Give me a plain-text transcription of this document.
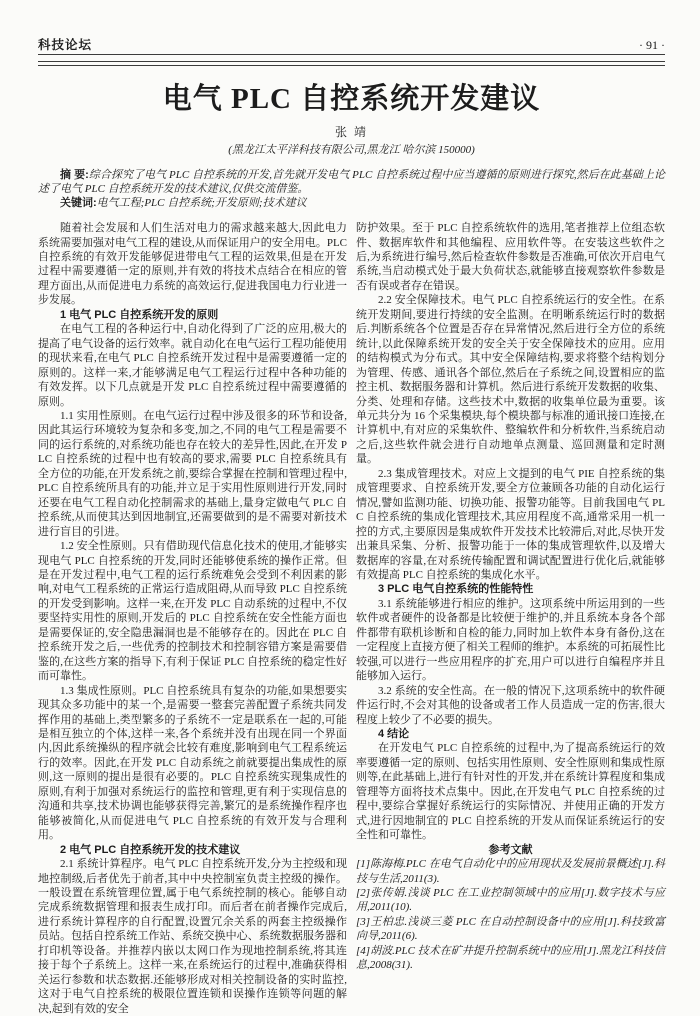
科技论坛	· 91 ·
电气 PLC 自控系统开发建议
张 靖
(黑龙江太平洋科技有限公司,黑龙江 哈尔滨 150000)
摘 要:综合探究了电气 PLC 自控系统的开发,首先就开发电气 PLC 自控系统过程中应当遵循的原则进行探究,然后在此基础上论述了电气 PLC 自控系统开发的技术建议,仅供交流借鉴。
关键词:电气工程;PLC 自控系统;开发原则;技术建议

随着社会发展和人们生活对电力的需求越来越大,因此电力系统需要加强对电气工程的建设,从而保证用户的安全用电。PLC 自控系统的有效开发能够促进带电气工程的运效果,但是在开发过程中需要遵循一定的原则,并有效的将技术点结合在相应的管理方面出,从而促进电力系统的高效运行,促进我国电力行业进一步发展。

1 电气 PLC 自控系统开发的原则

在电气工程的各种运行中,自动化得到了广泛的应用,极大的提高了电气设备的运行效率。就自动化在电气运行工程功能使用的现状来看,在电气 PLC 自控系统开发过程中是需要遵循一定的原则的。这样一来,才能够满足电气工程运行过程中各种功能的有效发挥。以下几点就是开发 PLC 自控系统过程中需要遵循的原则。

1.1 实用性原则。在电气运行过程中涉及很多的环节和设备,因此其运行环境较为复杂和多变,加之,不同的电气工程是需要不同的运行系统的,对系统功能也存在较大的差异性,因此,在开发 PLC 自控系统的过程中也有较高的要求,需要 PLC 自控系统具有全方位的功能,在开发系统之前,要综合掌握在控制和管理过程中,PLC 自控系统所具有的功能,并立足于实用性原则进行开发,同时还要在电气工程自动化控制需求的基础上,量身定做电气 PLC 自控系统,从而使其达到因地制宜,还需要做到的是不需要对新技术进行盲目的引进。

1.2 安全性原则。只有借助现代信息化技术的使用,才能够实现电气 PLC 自控系统的开发,同时还能够使系统的操作正常。但是在开发过程中,电气工程的运行系统难免会受到不利因素的影响,对电气工程系统的正常运行造成阻碍,从而导致 PLC 自控系统的开发受到影响。这样一来,在开发 PLC 自动系统的过程中,不仅要坚持实用性的原则,开发后的 PLC 自控系统在安全性能方面也是需要保证的,安全隐患漏洞也是不能够存在的。因此在 PLC 自控系统开发之后,一些优秀的控制技术和控制容错方案是需要借鉴的,在这些方案的指导下,有利于保证 PLC 自控系统的稳定性好而可靠性。

1.3 集成性原则。PLC 自控系统具有复杂的功能,如果想要实现其众多功能中的某一个,是需要一整套完善配置子系统共同发挥作用的基础上,类型繁多的子系统不一定是联系在一起的,可能是相互独立的个体,这样一来,各个系统并没有出现在同一个界面内,因此系统操纵的程序就会比较有难度,影响到电气工程系统运行的效率。因此,在开发 PLC 自动系统之前就要提出集成性的原则,这一原则的提出是很有必要的。PLC 自控系统实现集成性的原则,有利于加强对系统运行的监控和管理,更有利于实现信息的沟通和共享,技术协调也能够获得完善,繁冗的是系统操作程序也能够被简化,从而促进电气 PLC 自控系统的有效开发与合理利用。

2 电气 PLC 自控系统开发的技术建议

2.1 系统计算程序。电气 PLC 自控系统开发,分为主控级和现地控制级,后者优先于前者,其中中央控制室负责主控级的操作。一般设置在系统管理位置,属于电气系统控制的核心。能够自动完成系统数据管理和报表生成打印。而后者在前者操作完成后,进行系统计算程序的自行配置,设置冗余关系的两套主控级操作员站。包括自控系统工作站、系统交换中心、系统数据服务器和打印机等设备。并推荐内嵌以太网口作为现地控制系统,将其连接于每个子系统上。这样一来,在系统运行的过程中,准确获得相关运行参数和状态数据.还能够形成对相关控制设备的实时监控,这对于电气自控系统的极限位置连锁和误操作连锁等问题的解决,起到有效的安全

防护效果。至于 PLC 自控系统软件的选用,笔者推荐上位组态软件、数据库软件和其他编程、应用软件等。在安装这些软件之后,为系统进行编号,然后检查软件参数是否准确,可依次开启电气系统,当启动模式处于最大负荷状态,就能够直接观察软件参数是否有误或者存在错误。

2.2 安全保障技术。电气 PLC 自控系统运行的安全性。在系统开发期间,要进行持续的安全监测。在明晰系统运行时的数据后.判断系统各个位置是否存在异常情况,然后进行全方位的系统统计,以此保障系统开发的安全关于安全保障技术的应用。应用的结构模式为分布式。其中安全保障结构,要求将整个结构划分为管理、传感、通讯各个部位,然后在子系统之间,设置相应的监控主机、数据服务器和计算机。然后进行系统开发数据的收集、分类、处理和存储。这些技术中,数据的收集单位最为重要。该单元共分为 16 个采集模块,每个模块都与标准的通讯接口连接,在计算机中,有对应的采集软件、整编软件和分析软件,当系统启动之后,这些软件就会进行自动地单点测量、巡回测量和定时测量。

2.3 集成管理技术。对应上文提到的电气 PIE 自控系统的集成管理要求、自控系统开发,要全方位兼顾各功能的自动化运行情况,譬如监测功能、切换功能、报警功能等。目前我国电气 PLC 自控系统的集成化管理技术,其应用程度不高,通常采用一机一控的方式,主要原因是集成软件开发技术比较滞后,对此,尽快开发出兼具采集、分析、报警功能于一体的集成管理软件,以及增大数据库的容量,在对系统传输配置和调试配置进行优化后,就能够有效提高 PLC 自控系统的集成化水平。

3 PLC 电气自控系统的性能特性

3.1 系统能够进行相应的维护。这项系统中所运用到的一些软件或者硬件的设备都是比较便于维护的,并且系统本身各个部件都带有联机诊断和自检的能力,同时加上软件本身有备份,这在一定程度上直接方便了相关工程师的维护。本系统的可拓展性比较强,可以进行一些应用程序的扩充,用户可以进行自编程序并且能够加入运行。

3.2 系统的安全性高。在一般的情况下,这项系统中的软件硬件运行时,不会对其他的设备或者工作人员造成一定的伤害,很大程度上较少了不必要的损失。

4 结论

在开发电气 PLC 自控系统的过程中,为了提高系统运行的效率要遵循一定的原则、包括实用性原则、安全性原则和集成性原则等,在此基础上,进行有针对性的开发,并在系统计算程度和集成管理等方面将技术点集中。因此,在开发电气 PLC 自控系统的过程中,要综合掌握好系统运行的实际情况、并使用正确的开发方式,进行因地制宜的 PLC 自控系统的开发从而保证系统运行的安全性和可靠性。

参考文献

[1]陈海梅.PLC 在电气自动化中的应用现状及发展前景概述[J].科技与生活,2011(3).

[2]张传娟.浅谈 PLC 在工业控制领域中的应用[J].数字技术与应用,2011(10).

[3]王柏忠.浅谈三菱 PLC 在自动控制设备中的应用[J].科技致富向导,2011(6).

[4]胡波.PLC 技术在矿井提升控制系统中的应用[J].黑龙江科技信息,2008(31).
